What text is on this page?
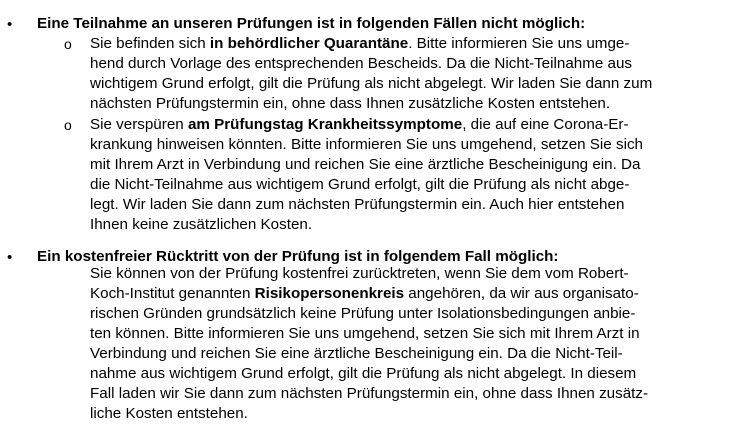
• Eine Teilnahme an unseren Prüfungen ist in folgenden Fällen nicht möglich:
o Sie befinden sich in behördlicher Quarantäne. Bitte informieren Sie uns umge-
hend durch Vorlage des entsprechenden Bescheids. Da die Nicht-Teilnahme aus
wichtigem Grund erfolgt, gilt die Prüfung als nicht abgelegt. Wir laden Sie dann zum
nächsten Prüfungstermin ein, ohne dass Ihnen zusätzliche Kosten entstehen.
o Sie verspüren am Prüfungstag Krankheitssymptome, die auf eine Corona-Er-
krankung hinweisen könnten. Bitte informieren Sie uns umgehend, setzen Sie sich
mit Ihrem Arzt in Verbindung und reichen Sie eine ärztliche Bescheinigung ein. Da
die Nicht-Teilnahme aus wichtigem Grund erfolgt, gilt die Prüfung als nicht abge-
legt. Wir laden Sie dann zum nächsten Prüfungstermin ein. Auch hier entstehen
Ihnen keine zusätzlichen Kosten.
• Ein kostenfreier Rücktritt von der Prüfung ist in folgendem Fall möglich:
Sie können von der Prüfung kostenfrei zurücktreten, wenn Sie dem vom Robert-
Koch-Institut genannten Risikopersonenkreis angehören, da wir aus organisato-
rischen Gründen grundsätzlich keine Prüfung unter Isolationsbedingungen anbie-
ten können. Bitte informieren Sie uns umgehend, setzen Sie sich mit Ihrem Arzt in
Verbindung und reichen Sie eine ärztliche Bescheinigung ein. Da die Nicht-Teil-
nahme aus wichtigem Grund erfolgt, gilt die Prüfung als nicht abgelegt. In diesem
Fall laden wir Sie dann zum nächsten Prüfungstermin ein, ohne dass Ihnen zusätz-
liche Kosten entstehen.
